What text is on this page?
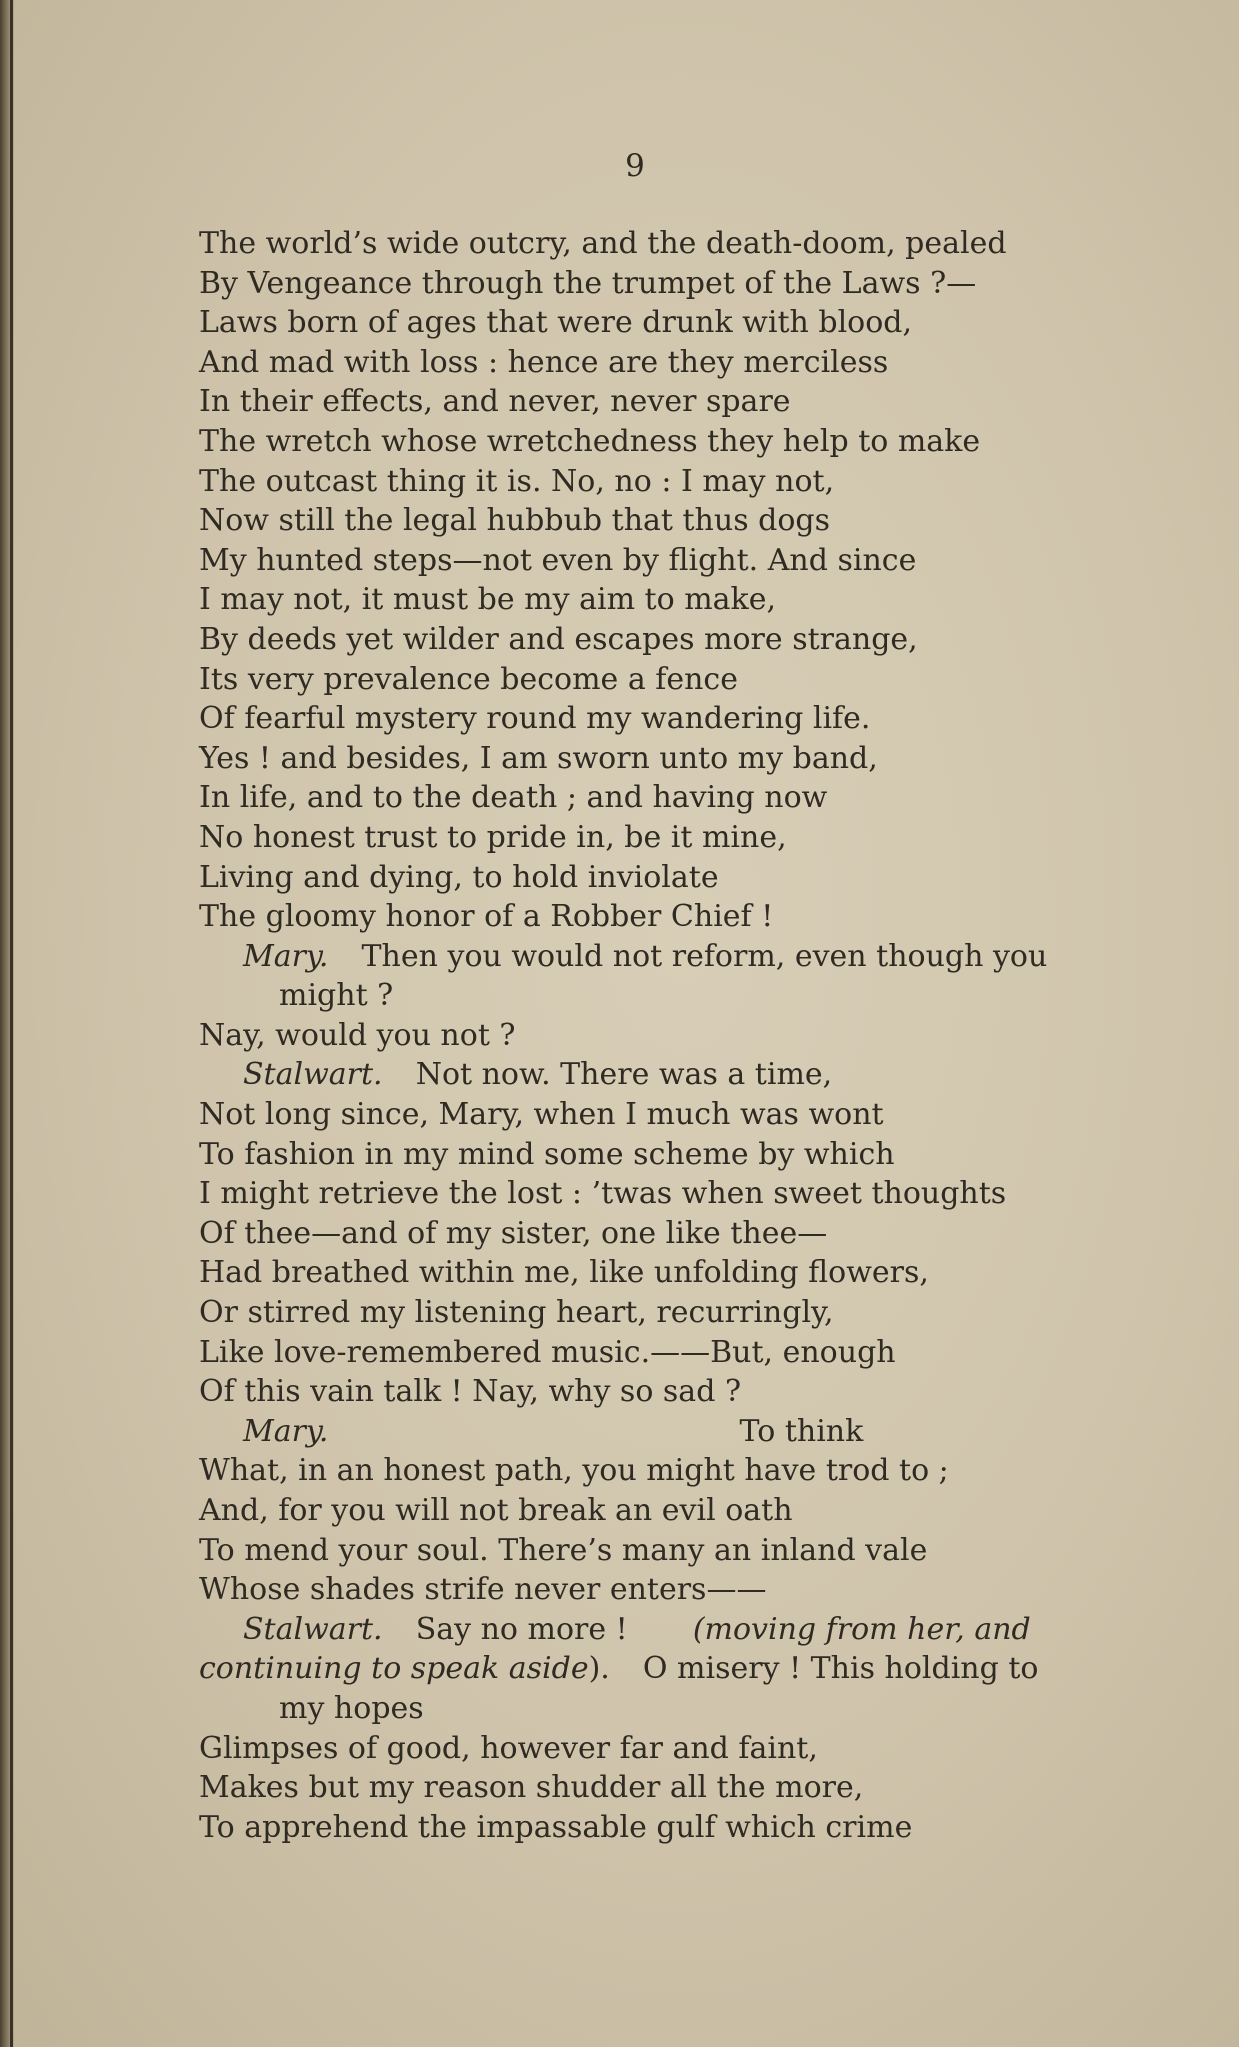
9
The world’s wide outcry, and the death-doom, pealed
By Vengeance through the trumpet of the Laws ?—
Laws born of ages that were drunk with blood,
And mad with loss : hence are they merciless
In their effects, and never, never spare
The wretch whose wretchedness they help to make
The outcast thing it is. No, no : I may not,
Now still the legal hubbub that thus dogs
My hunted steps—not even by flight. And since
I may not, it must be my aim to make,
By deeds yet wilder and escapes more strange,
Its very prevalence become a fence
Of fearful mystery round my wandering life.
Yes ! and besides, I am sworn unto my band,
In life, and to the death ; and having now
No honest trust to pride in, be it mine,
Living and dying, to hold inviolate
The gloomy honor of a Robber Chief !
Mary. Then you would not reform, even though you
might ?
Nay, would you not ?
Stalwart. Not now. There was a time,
Not long since, Mary, when I much was wont
To fashion in my mind some scheme by which
I might retrieve the lost : ’twas when sweet thoughts
Of thee—and of my sister, one like thee—
Had breathed within me, like unfolding flowers,
Or stirred my listening heart, recurringly,
Like love-remembered music.——But, enough
Of this vain talk ! Nay, why so sad ?
Mary.	To think
What, in an honest path, you might have trod to ;
And, for you will not break an evil oath
To mend your soul. There’s many an inland vale
Whose shades strife never enters——
Stalwart. Say no more ! (moving from her, and
continuing to speak aside). O misery ! This holding to
my hopes
Glimpses of good, however far and faint,
Makes but my reason shudder all the more,
To apprehend the impassable gulf which crime
